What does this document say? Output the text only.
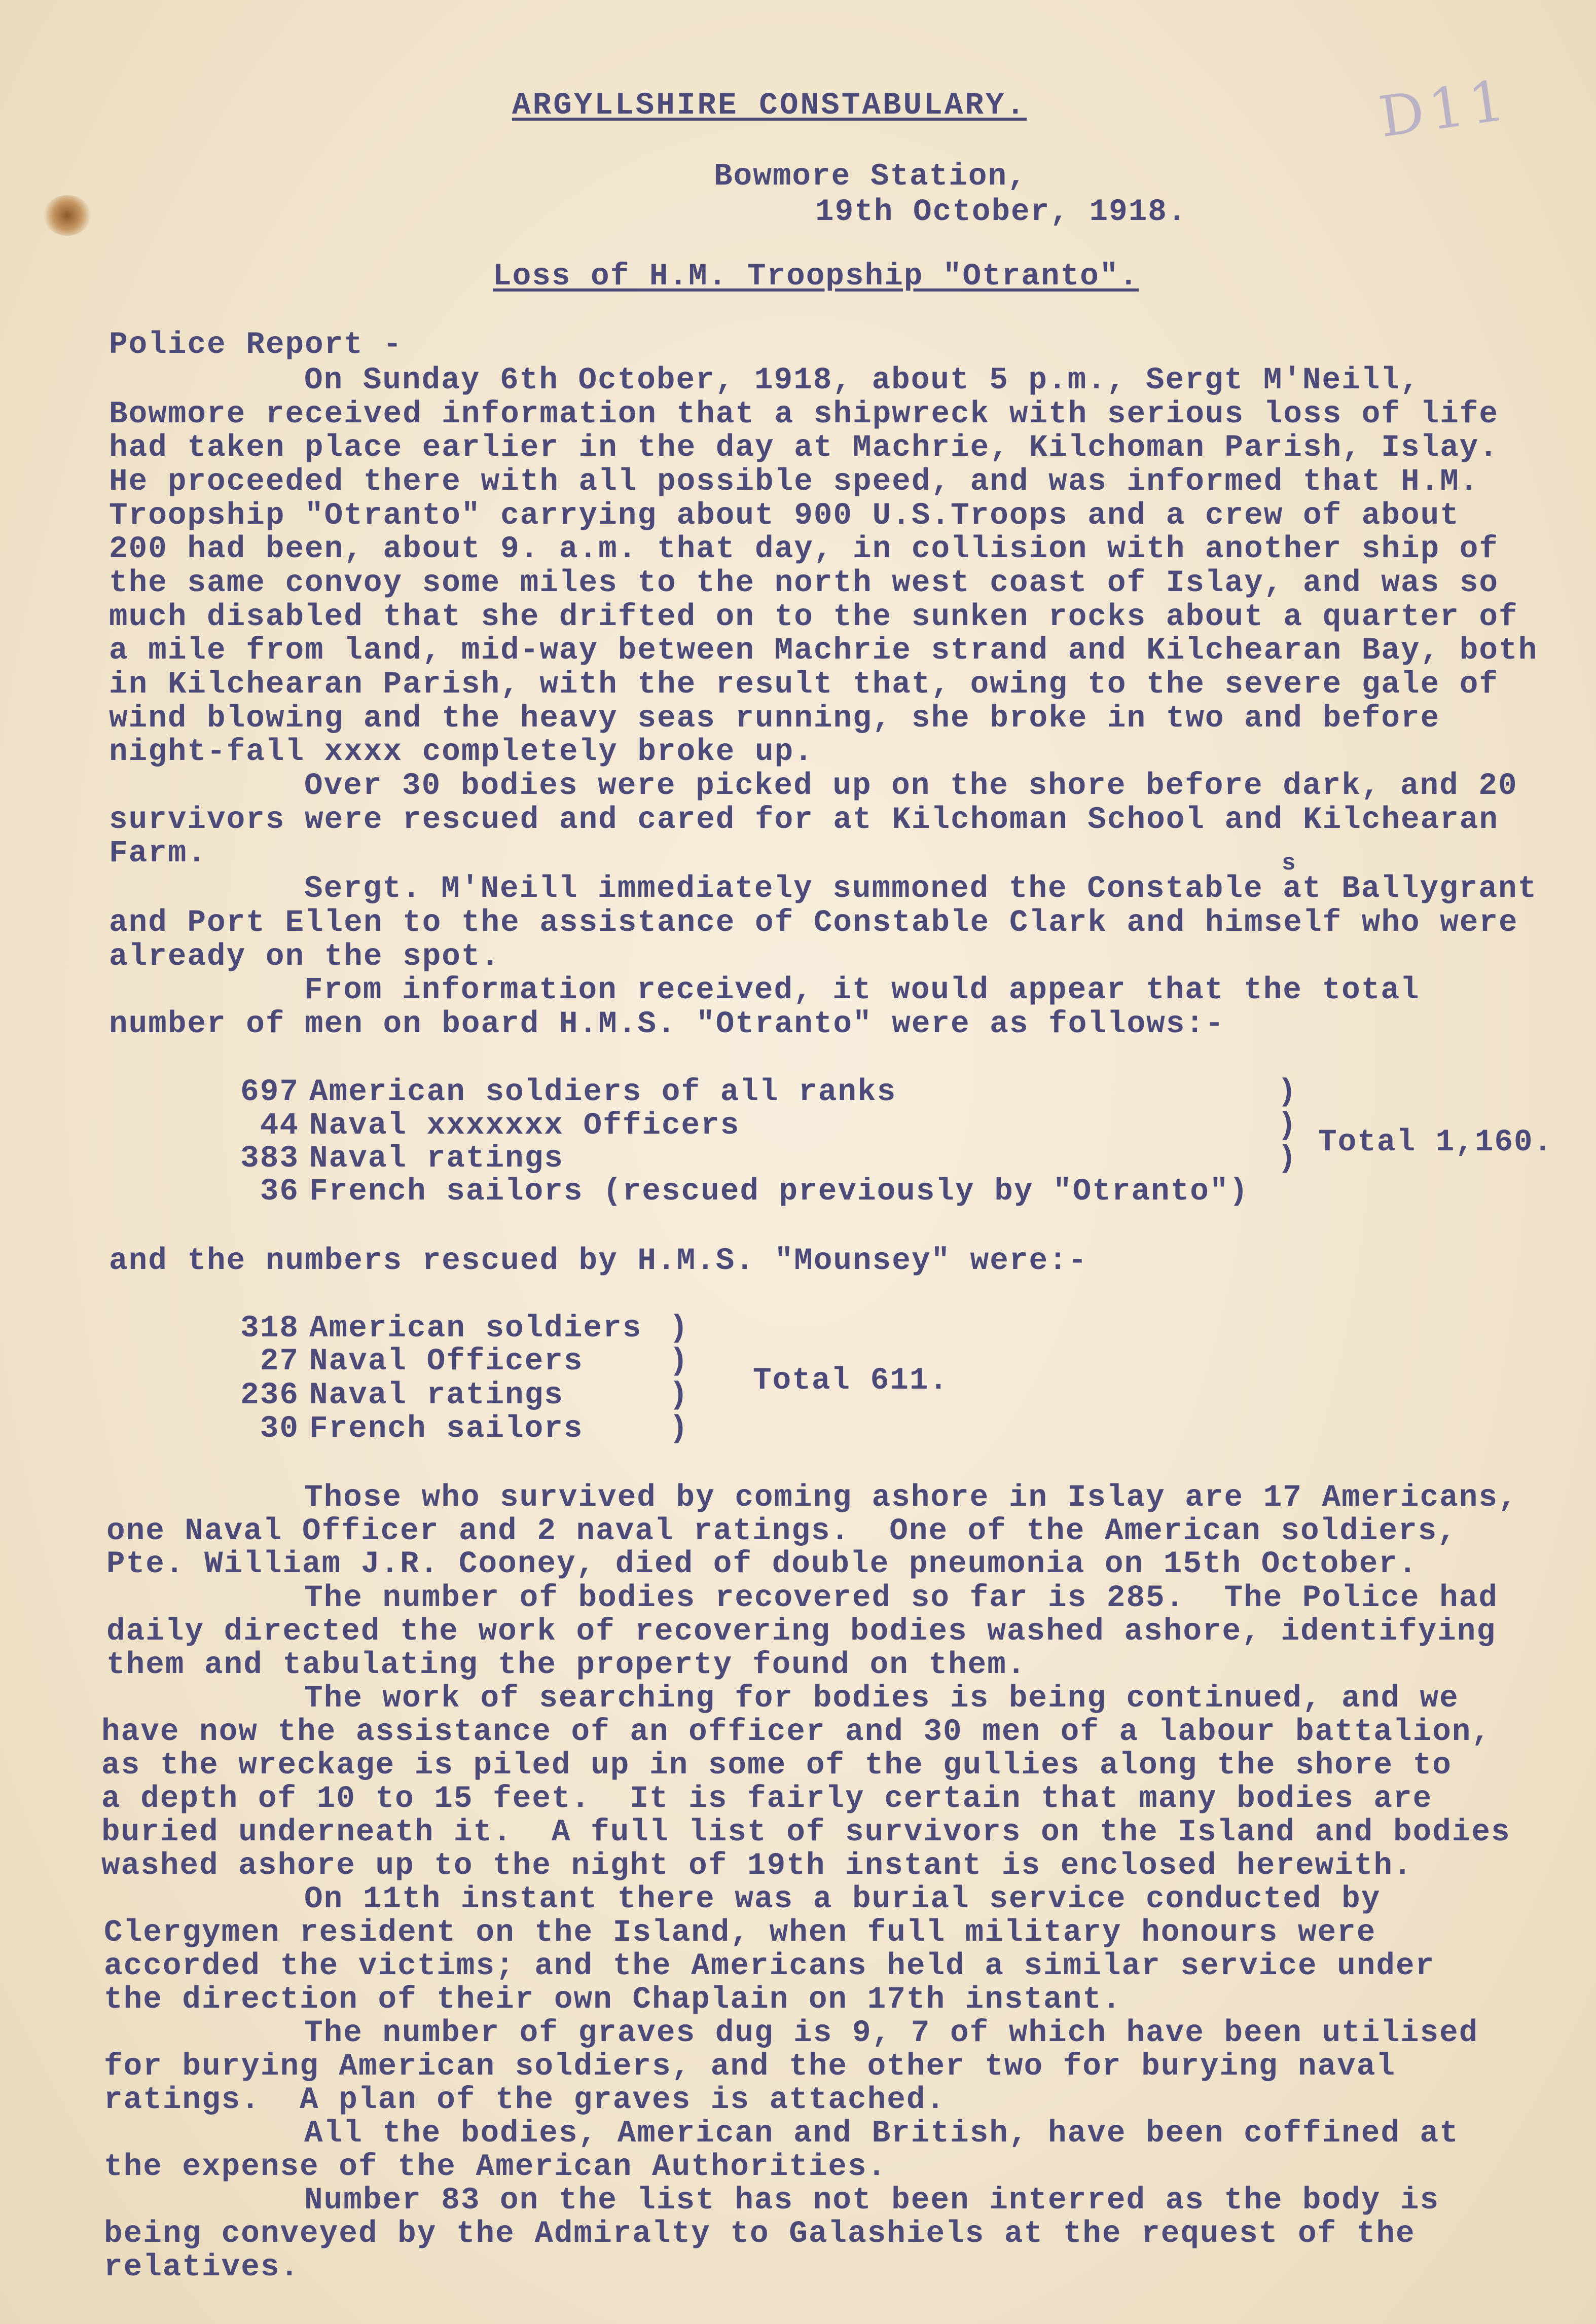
D11
ARGYLLSHIRE CONSTABULARY.
Bowmore Station,
19th October, 1918.
Loss of H.M. Troopship "Otranto".
Police Report -
On Sunday 6th October, 1918, about 5 p.m., Sergt M'Neill,
Bowmore received information that a shipwreck with serious loss of life
had taken place earlier in the day at Machrie, Kilchoman Parish, Islay.
He proceeded there with all possible speed, and was informed that H.M.
Troopship "Otranto" carrying about 900 U.S.Troops and a crew of about
200 had been, about 9. a.m. that day, in collision with another ship of
the same convoy some miles to the north west coast of Islay, and was so
much disabled that she drifted on to the sunken rocks about a quarter of
a mile from land, mid-way between Machrie strand and Kilchearan Bay, both
in Kilchearan Parish, with the result that, owing to the severe gale of
wind blowing and the heavy seas running, she broke in two and before
night-fall xxxx completely broke up.
Over 30 bodies were picked up on the shore before dark, and 20
survivors were rescued and cared for at Kilchoman School and Kilchearan
Farm.	s
Sergt. M'Neill immediately summoned the Constable at Ballygrant
and Port Ellen to the assistance of Constable Clark and himself who were
already on the spot.
From information received, it would appear that the total
number of men on board H.M.S. "Otranto" were as follows:-
697 American soldiers of all ranks
44 Naval xxxxxxx Officers
383 Naval ratings
36 French sailors (rescued previously by "Otranto")
)
)
) Total 1,160.
and the numbers rescued by H.M.S. "Mounsey" were:-
318 American soldiers
27 Naval Officers
236 Naval ratings
30 French sailors
)
)
)
)
Total 611.
Those who survived by coming ashore in Islay are 17 Americans,
one Naval Officer and 2 naval ratings.  One of the American soldiers,
Pte. William J.R. Cooney, died of double pneumonia on 15th October.
The number of bodies recovered so far is 285.  The Police had
daily directed the work of recovering bodies washed ashore, identifying
them and tabulating the property found on them.
The work of searching for bodies is being continued, and we
have now the assistance of an officer and 30 men of a labour battalion,
as the wreckage is piled up in some of the gullies along the shore to
a depth of 10 to 15 feet.  It is fairly certain that many bodies are
buried underneath it.  A full list of survivors on the Island and bodies
washed ashore up to the night of 19th instant is enclosed herewith.
On 11th instant there was a burial service conducted by
Clergymen resident on the Island, when full military honours were
accorded the victims; and the Americans held a similar service under
the direction of their own Chaplain on 17th instant.
The number of graves dug is 9, 7 of which have been utilised
for burying American soldiers, and the other two for burying naval
ratings.  A plan of the graves is attached.
All the bodies, American and British, have been coffined at
the expense of the American Authorities.
Number 83 on the list has not been interred as the body is
being conveyed by the Admiralty to Galashiels at the request of the
relatives.
